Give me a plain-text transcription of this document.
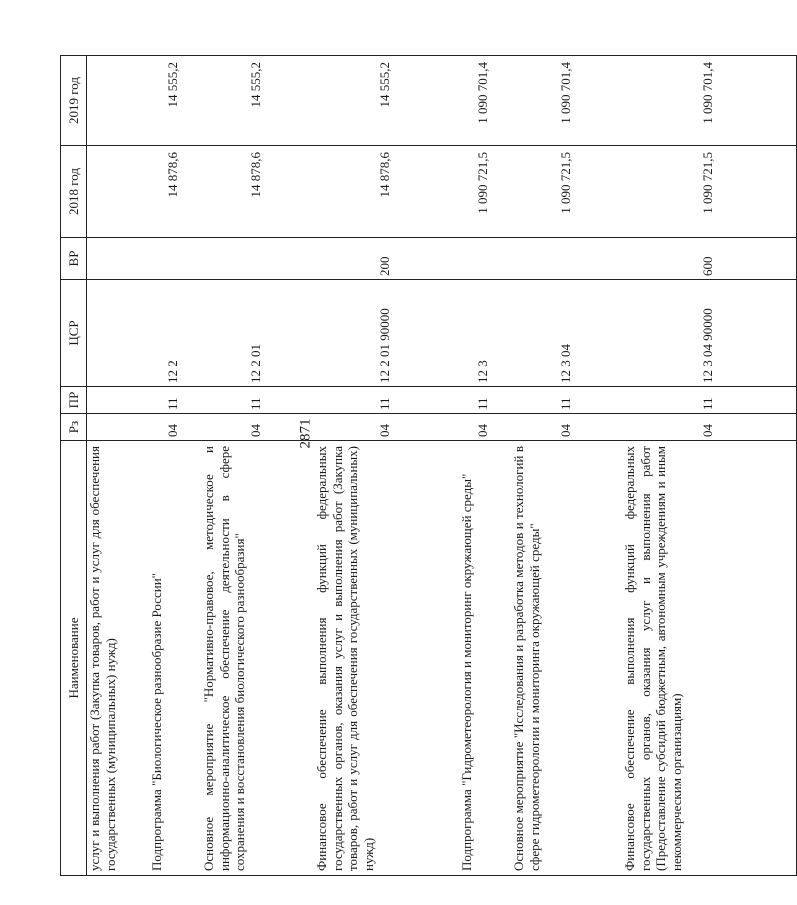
2871
Наименование	Рз	ПР	ЦСР	ВР	2018 год	2019 год
услуг и выполнения работ (Закупка товаров, работ и услуг для обеспечения государственных (муниципальных) нужд)						
Подпрограмма "Биологическое разнообразие России"	04	11	12 2		14 878,6	14 555,2
Основное мероприятие "Нормативно-правовое, методическое и информационно-аналитическое обеспечение деятельности в сфере сохранения и восстановления биологического разнообразия"	04	11	12 2 01		14 878,6	14 555,2
Финансовое обеспечение выполнения функций федеральных государственных органов, оказания услуг и выполнения работ (Закупка товаров, работ и услуг для обеспечения государственных (муниципальных) нужд)	04	11	12 2 01 90000	200	14 878,6	14 555,2
Подпрограмма "Гидрометеорология и мониторинг окружающей среды"	04	11	12 3		1 090 721,5	1 090 701,4
Основное мероприятие "Исследования и разработка методов и технологий в сфере гидрометеорологии и мониторинга окружающей среды"	04	11	12 3 04		1 090 721,5	1 090 701,4
Финансовое обеспечение выполнения функций федеральных государственных органов, оказания услуг и выполнения работ (Предоставление субсидий бюджетным, автономным учреждениям и иным некоммерческим организациям)	04	11	12 3 04 90000	600	1 090 721,5	1 090 701,4
